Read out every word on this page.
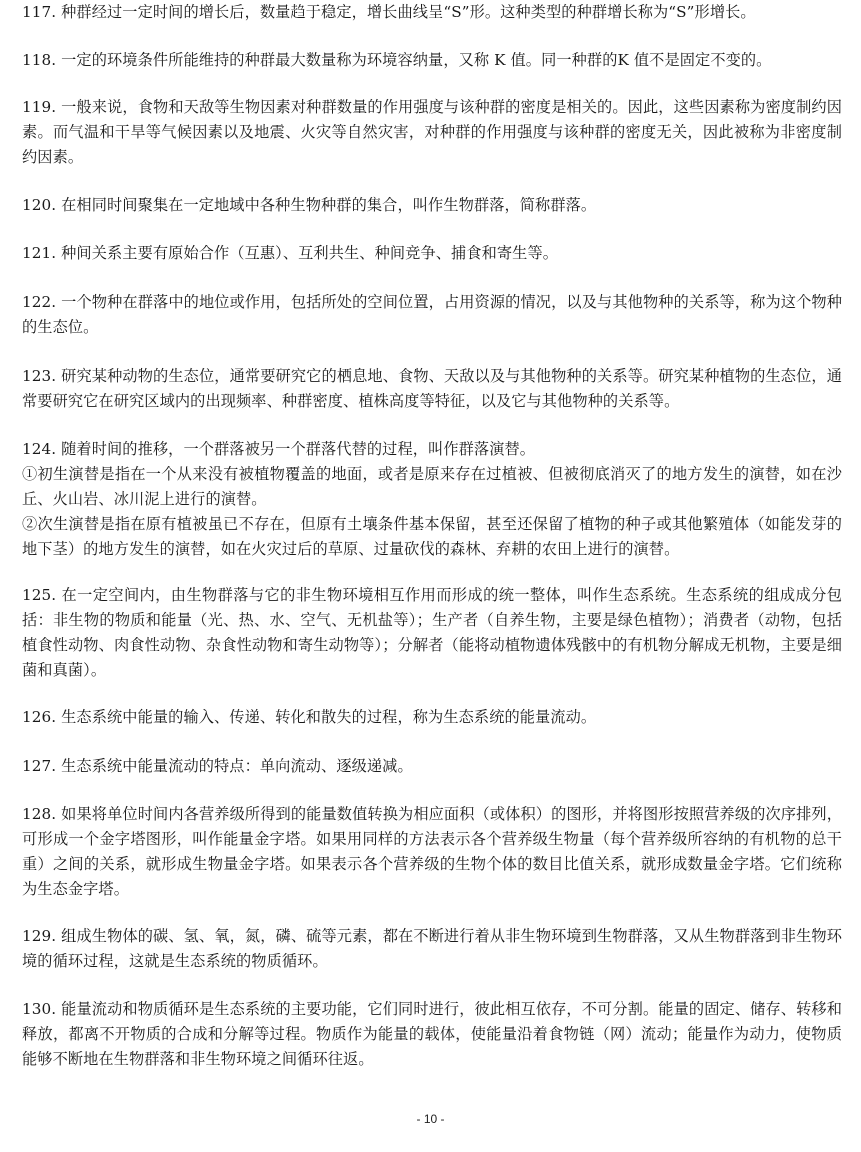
117. 种群经过一定时间的增长后，数量趋于稳定，增长曲线呈“S”形。这种类型的种群增长称为“S”形增长。

118. 一定的环境条件所能维持的种群最大数量称为环境容纳量，又称 K 值。同一种群的K 值不是固定不变的。

119. 一般来说，食物和天敌等生物因素对种群数量的作用强度与该种群的密度是相关的。因此，这些因素称为密度制约因素。而气温和干旱等气候因素以及地震、火灾等自然灾害，对种群的作用强度与该种群的密度无关，因此被称为非密度制约因素。

120. 在相同时间聚集在一定地域中各种生物种群的集合，叫作生物群落，简称群落。

121. 种间关系主要有原始合作（互惠）、互利共生、种间竞争、捕食和寄生等。

122. 一个物种在群落中的地位或作用，包括所处的空间位置，占用资源的情况，以及与其他物种的关系等，称为这个物种的生态位。

123. 研究某种动物的生态位，通常要研究它的栖息地、食物、天敌以及与其他物种的关系等。研究某种植物的生态位，通常要研究它在研究区域内的出现频率、种群密度、植株高度等特征，以及它与其他物种的关系等。

124. 随着时间的推移，一个群落被另一个群落代替的过程，叫作群落演替。
①初生演替是指在一个从来没有被植物覆盖的地面，或者是原来存在过植被、但被彻底消灭了的地方发生的演替，如在沙丘、火山岩、冰川泥上进行的演替。
②次生演替是指在原有植被虽已不存在，但原有土壤条件基本保留，甚至还保留了植物的种子或其他繁殖体（如能发芽的地下茎）的地方发生的演替，如在火灾过后的草原、过量砍伐的森林、弃耕的农田上进行的演替。

125. 在一定空间内，由生物群落与它的非生物环境相互作用而形成的统一整体，叫作生态系统。生态系统的组成成分包括：非生物的物质和能量（光、热、水、空气、无机盐等）；生产者（自养生物，主要是绿色植物）；消费者（动物，包括植食性动物、肉食性动物、杂食性动物和寄生动物等）；分解者（能将动植物遗体残骸中的有机物分解成无机物，主要是细菌和真菌）。

126. 生态系统中能量的输入、传递、转化和散失的过程，称为生态系统的能量流动。

127. 生态系统中能量流动的特点：单向流动、逐级递减。

128. 如果将单位时间内各营养级所得到的能量数值转换为相应面积（或体积）的图形，并将图形按照营养级的次序排列，可形成一个金字塔图形，叫作能量金字塔。如果用同样的方法表示各个营养级生物量（每个营养级所容纳的有机物的总干重）之间的关系，就形成生物量金字塔。如果表示各个营养级的生物个体的数目比值关系，就形成数量金字塔。它们统称为生态金字塔。

129. 组成生物体的碳、氢、氧，氮，磷、硫等元素，都在不断进行着从非生物环境到生物群落，又从生物群落到非生物环境的循环过程，这就是生态系统的物质循环。

130. 能量流动和物质循环是生态系统的主要功能，它们同时进行，彼此相互依存，不可分割。能量的固定、储存、转移和释放，都离不开物质的合成和分解等过程。物质作为能量的载体，使能量沿着食物链（网）流动；能量作为动力，使物质能够不断地在生物群落和非生物环境之间循环往返。

- 10 -
